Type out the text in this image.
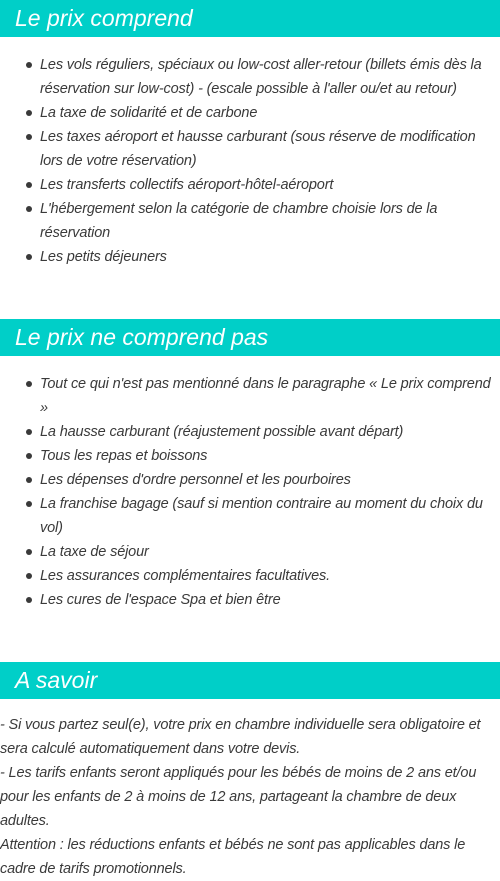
Le prix comprend
Les vols réguliers, spéciaux ou low-cost aller-retour (billets émis dès la réservation sur low-cost) - (escale possible à l'aller ou/et au retour)
La taxe de solidarité et de carbone
Les taxes aéroport et hausse carburant (sous réserve de modification lors de votre réservation)
Les transferts collectifs aéroport-hôtel-aéroport
L'hébergement selon la catégorie de chambre choisie lors de la réservation
Les petits déjeuners
Le prix ne comprend pas
Tout ce qui n'est pas mentionné dans le paragraphe « Le prix comprend »
La hausse carburant (réajustement possible avant départ)
Tous les repas et boissons
Les dépenses d'ordre personnel et les pourboires
La franchise bagage (sauf si mention contraire au moment du choix du vol)
La taxe de séjour
Les assurances complémentaires facultatives.
Les cures de l'espace Spa et bien être
A savoir

- Si vous partez seul(e), votre prix en chambre individuelle sera obligatoire et sera calculé automatiquement dans votre devis.

- Les tarifs enfants seront appliqués pour les bébés de moins de 2 ans et/ou pour les enfants de 2 à moins de 12 ans, partageant la chambre de deux adultes.

Attention : les réductions enfants et bébés ne sont pas applicables dans le cadre de tarifs promotionnels.
